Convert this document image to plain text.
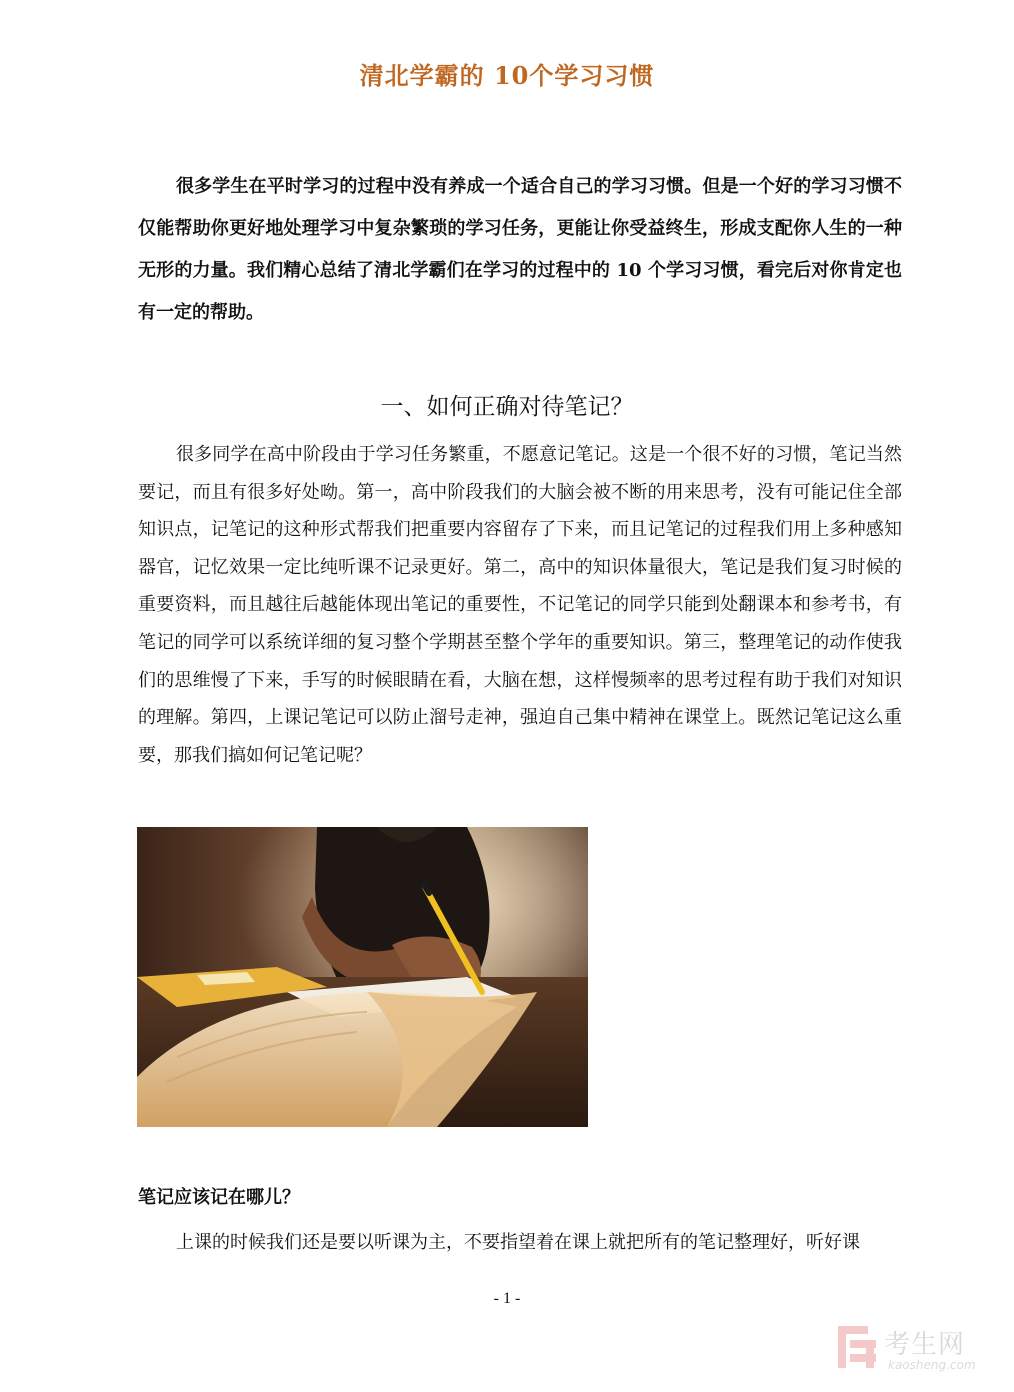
清北学霸的 10个学习习惯

很多学生在平时学习的过程中没有养成一个适合自己的学习习惯。但是一个好的学习习惯不仅能帮助你更好地处理学习中复杂繁琐的学习任务，更能让你受益终生，形成支配你人生的一种无形的力量。我们精心总结了清北学霸们在学习的过程中的 10 个学习习惯，看完后对你肯定也有一定的帮助。

一、如何正确对待笔记？

很多同学在高中阶段由于学习任务繁重，不愿意记笔记。这是一个很不好的习惯，笔记当然要记，而且有很多好处呦。第一，高中阶段我们的大脑会被不断的用来思考，没有可能记住全部知识点，记笔记的这种形式帮我们把重要内容留存了下来，而且记笔记的过程我们用上多种感知器官，记忆效果一定比纯听课不记录更好。第二，高中的知识体量很大，笔记是我们复习时候的重要资料，而且越往后越能体现出笔记的重要性，不记笔记的同学只能到处翻课本和参考书，有笔记的同学可以系统详细的复习整个学期甚至整个学年的重要知识。第三，整理笔记的动作使我们的思维慢了下来，手写的时候眼睛在看，大脑在想，这样慢频率的思考过程有助于我们对知识的理解。第四，上课记笔记可以防止溜号走神，强迫自己集中精神在课堂上。既然记笔记这么重要，那我们搞如何记笔记呢？

笔记应该记在哪儿？
上课的时候我们还是要以听课为主，不要指望着在课上就把所有的笔记整理好，听好课
- 1 -
考生网
kaosheng.com
